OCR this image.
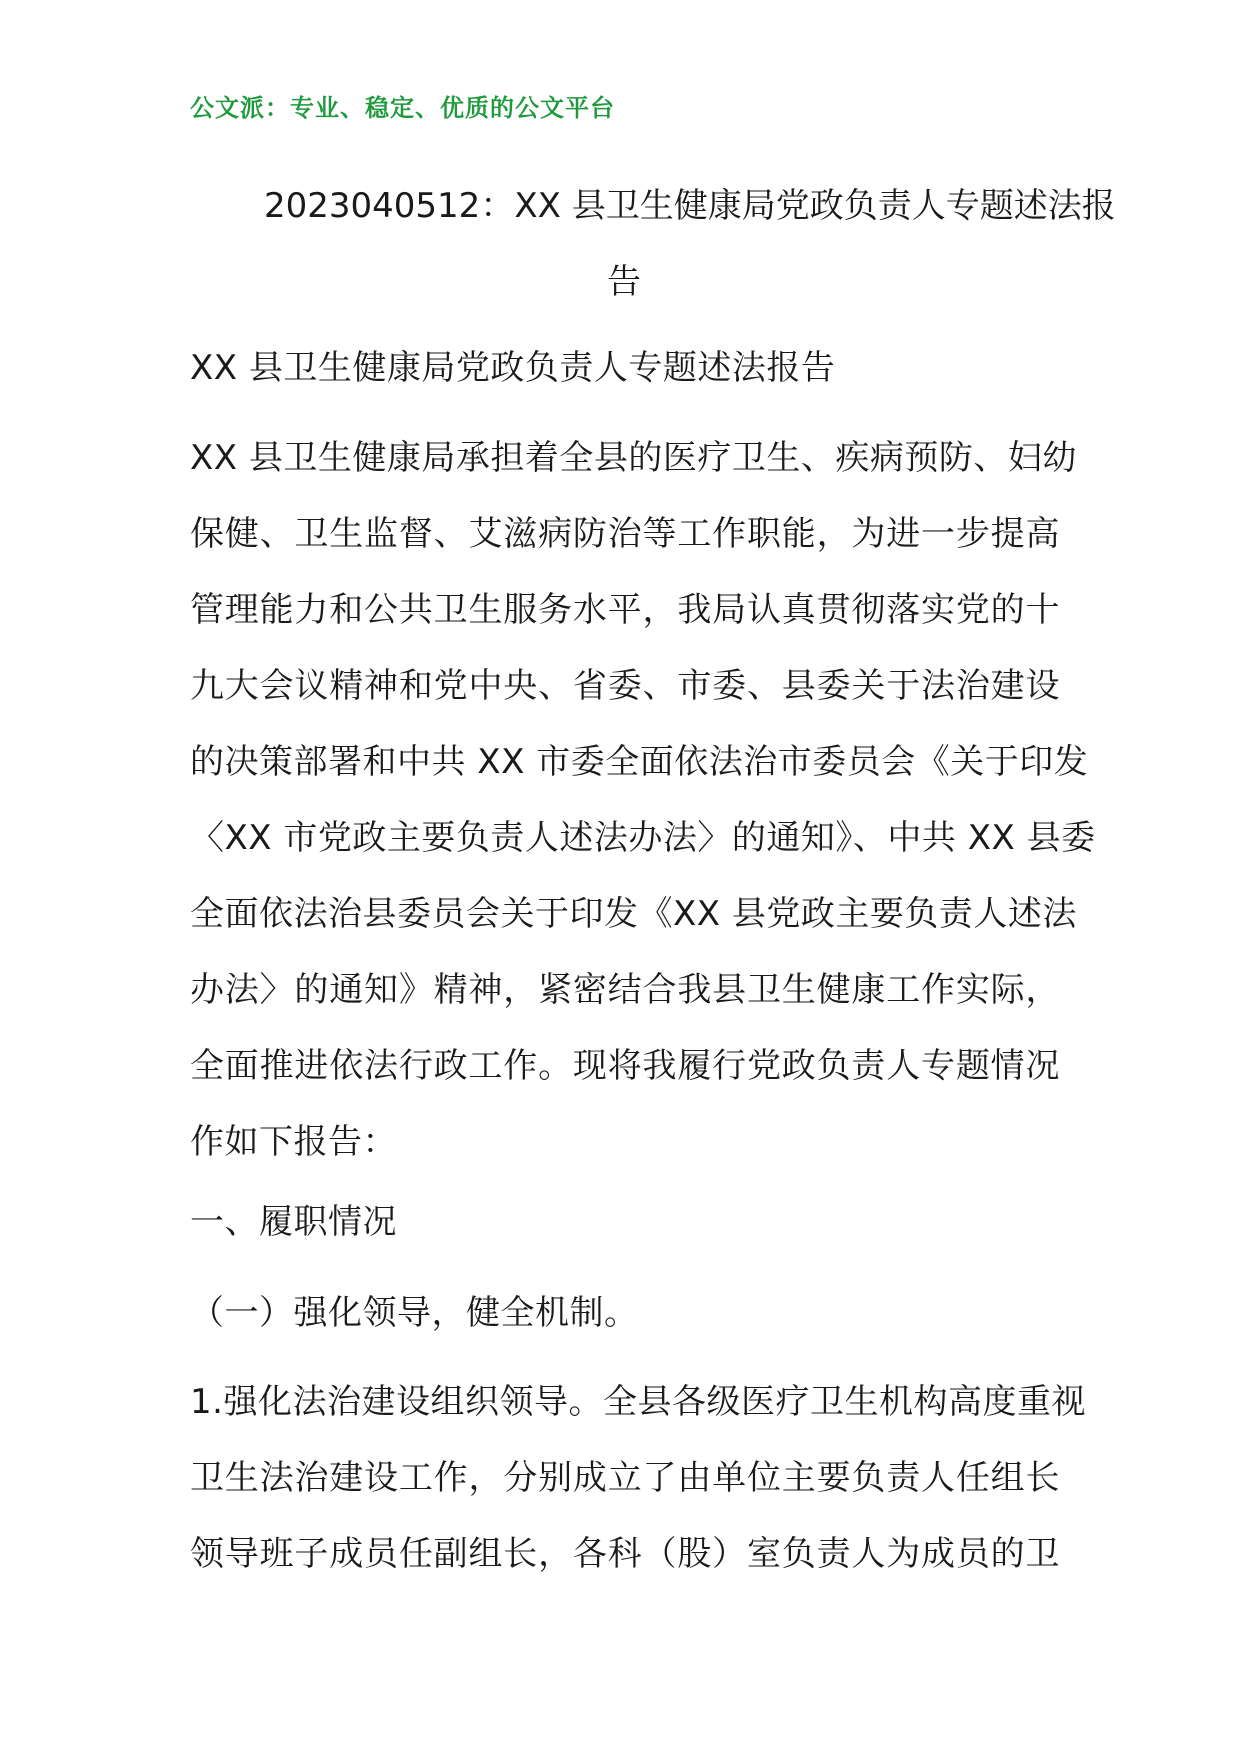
公文派：专业、稳定、优质的公文平台
2023040512：XX 县卫生健康局党政负责人专题述法报
告
XX 县卫生健康局党政负责人专题述法报告
XX 县卫生健康局承担着全县的医疗卫生、疾病预防、妇幼
保健、卫生监督、艾滋病防治等工作职能，为进一步提高
管理能力和公共卫生服务水平，我局认真贯彻落实党的十
九大会议精神和党中央、省委、市委、县委关于法治建设
的决策部署和中共 XX 市委全面依法治市委员会《关于印发
〈XX 市党政主要负责人述法办法〉的通知》、中共 XX 县委
全面依法治县委员会关于印发《XX 县党政主要负责人述法
办法〉的通知》精神，紧密结合我县卫生健康工作实际，
全面推进依法行政工作。现将我履行党政负责人专题情况
作如下报告：
一、履职情况
（一）强化领导，健全机制。
1.强化法治建设组织领导。全县各级医疗卫生机构高度重视
卫生法治建设工作，分别成立了由单位主要负责人任组长
领导班子成员任副组长，各科（股）室负责人为成员的卫
